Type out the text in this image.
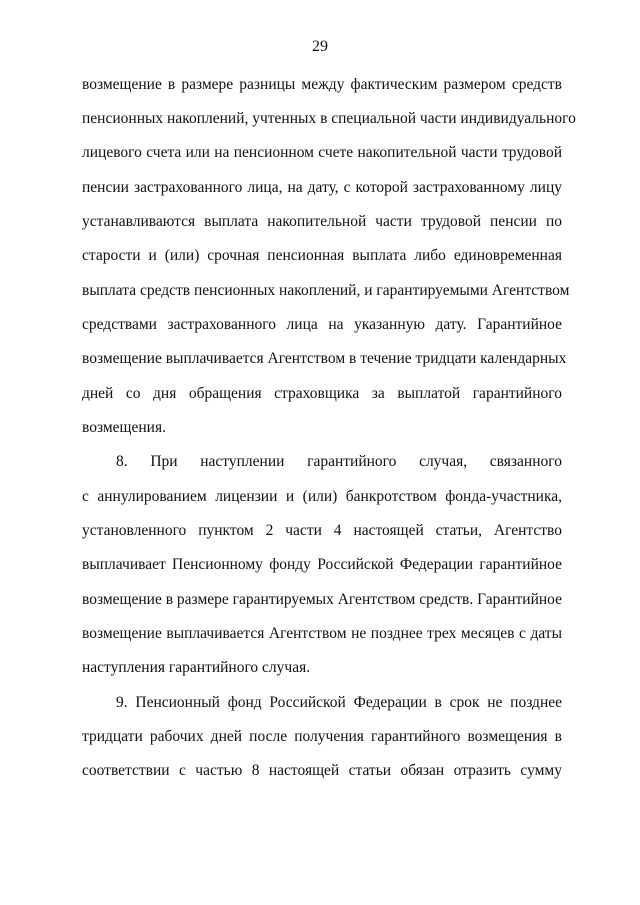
29
возмещение в размере разницы между фактическим размером средств
пенсионных накоплений, учтенных в специальной части индивидуального
лицевого счета или на пенсионном счете накопительной части трудовой
пенсии застрахованного лица, на дату, с которой застрахованному лицу
устанавливаются выплата накопительной части трудовой пенсии по
старости и (или) срочная пенсионная выплата либо единовременная
выплата средств пенсионных накоплений, и гарантируемыми Агентством
средствами застрахованного лица на указанную дату. Гарантийное
возмещение выплачивается Агентством в течение тридцати календарных
дней со дня обращения страховщика за выплатой гарантийного
возмещения.
8. При наступлении гарантийного случая, связанного
с аннулированием лицензии и (или) банкротством фонда-участника,
установленного пунктом 2 части 4 настоящей статьи, Агентство
выплачивает Пенсионному фонду Российской Федерации гарантийное
возмещение в размере гарантируемых Агентством средств. Гарантийное
возмещение выплачивается Агентством не позднее трех месяцев с даты
наступления гарантийного случая.
9. Пенсионный фонд Российской Федерации в срок не позднее
тридцати рабочих дней после получения гарантийного возмещения в
соответствии с частью 8 настоящей статьи обязан отразить сумму
